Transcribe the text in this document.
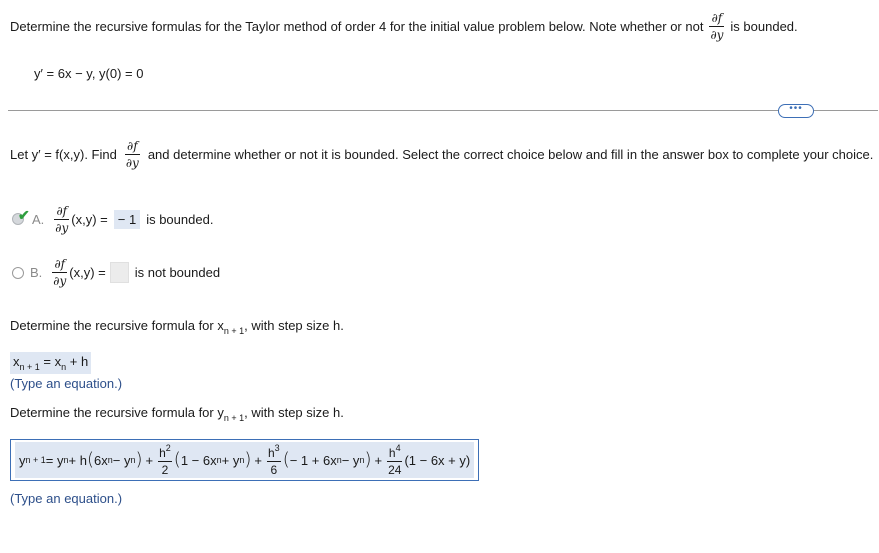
Determine the recursive formulas for the Taylor method of order 4 for the initial value problem below. Note whether or not $\frac{\partial f}{\partial y}$ is bounded.
y′ = 6x − y, y(0) = 0
•••
Let y′ = f(x,y). Find $\frac{\partial f}{\partial y}$ and determine whether or not it is bounded. Select the correct choice below and fill in the answer box to complete your choice.
✔ A. $\frac{\partial f}{\partial y} (x,y)$ = − 1 is bounded.
B. $\frac{\partial f}{\partial y} (x,y)$ = is not bounded
Determine the recursive formula for $x_{n + 1}$, with step size h.
$x_{n + 1} = x_n + h$
(Type an equation.)
Determine the recursive formula for $y_{n + 1}$, with step size h.
y n + 1 = y n + h ( 6x n − y n ) + $\frac{h^2}{2}$ ( 1 − 6x n + y n ) + $\frac{h^3}{6}$ ( − 1 + 6x n − y n ) + $\frac{h^4}{24}$ ( 1 − 6x + y )
(Type an equation.)
